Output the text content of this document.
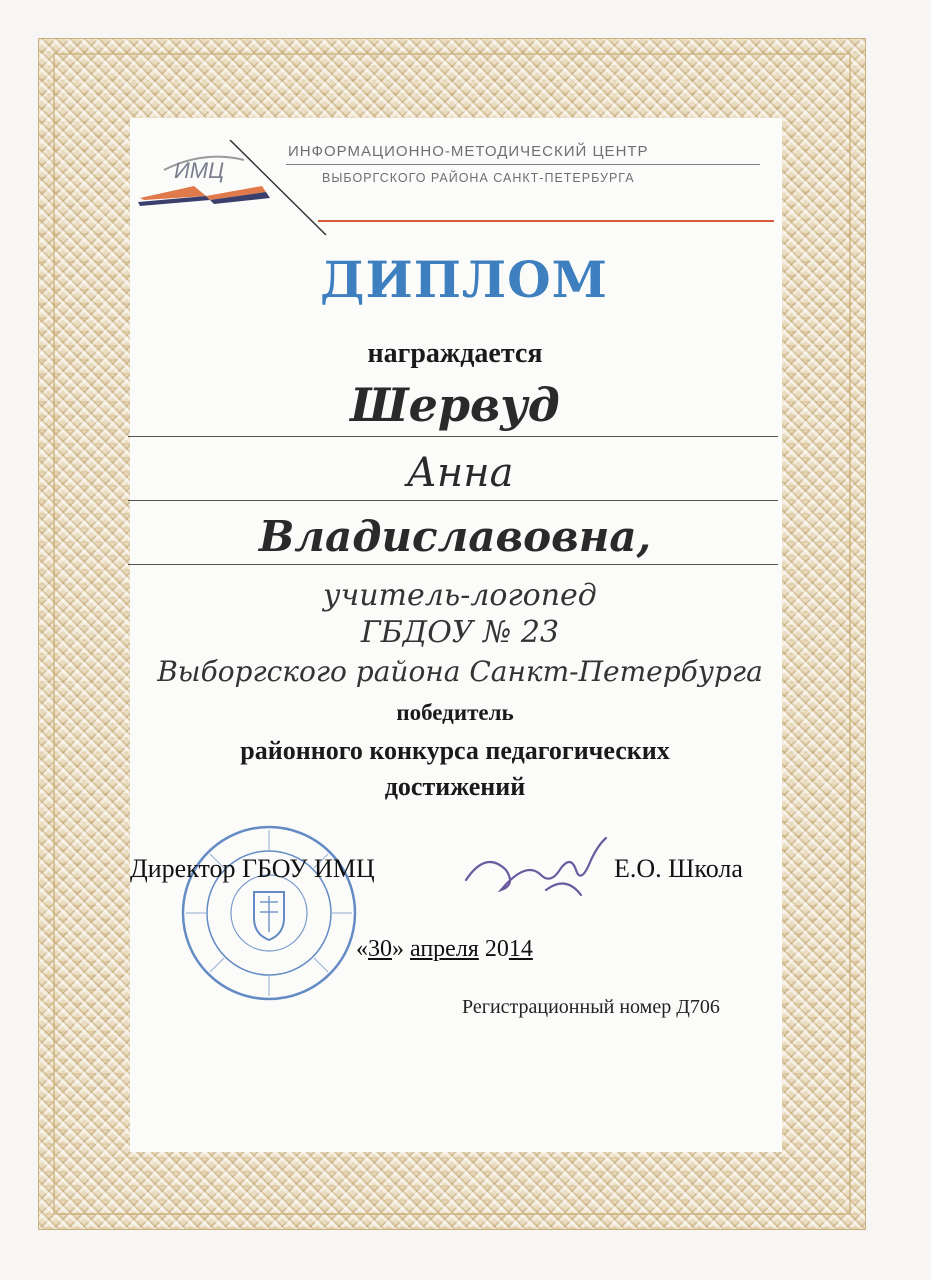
ИМЦ
ИНФОРМАЦИОННО-МЕТОДИЧЕСКИЙ ЦЕНТР
ВЫБОРГСКОГО РАЙОНА САНКТ-ПЕТЕРБУРГА
ДИПЛОМ
награждается
Шервуд
Анна
Владиславовна,
учитель-логопед
ГБДОУ № 23
Выборгского района Санкт-Петербурга
победитель
районного конкурса педагогических
достижений
Директор ГБОУ ИМЦ	Е.О. Школа
«30» апреля 2014
Регистрационный номер Д706
